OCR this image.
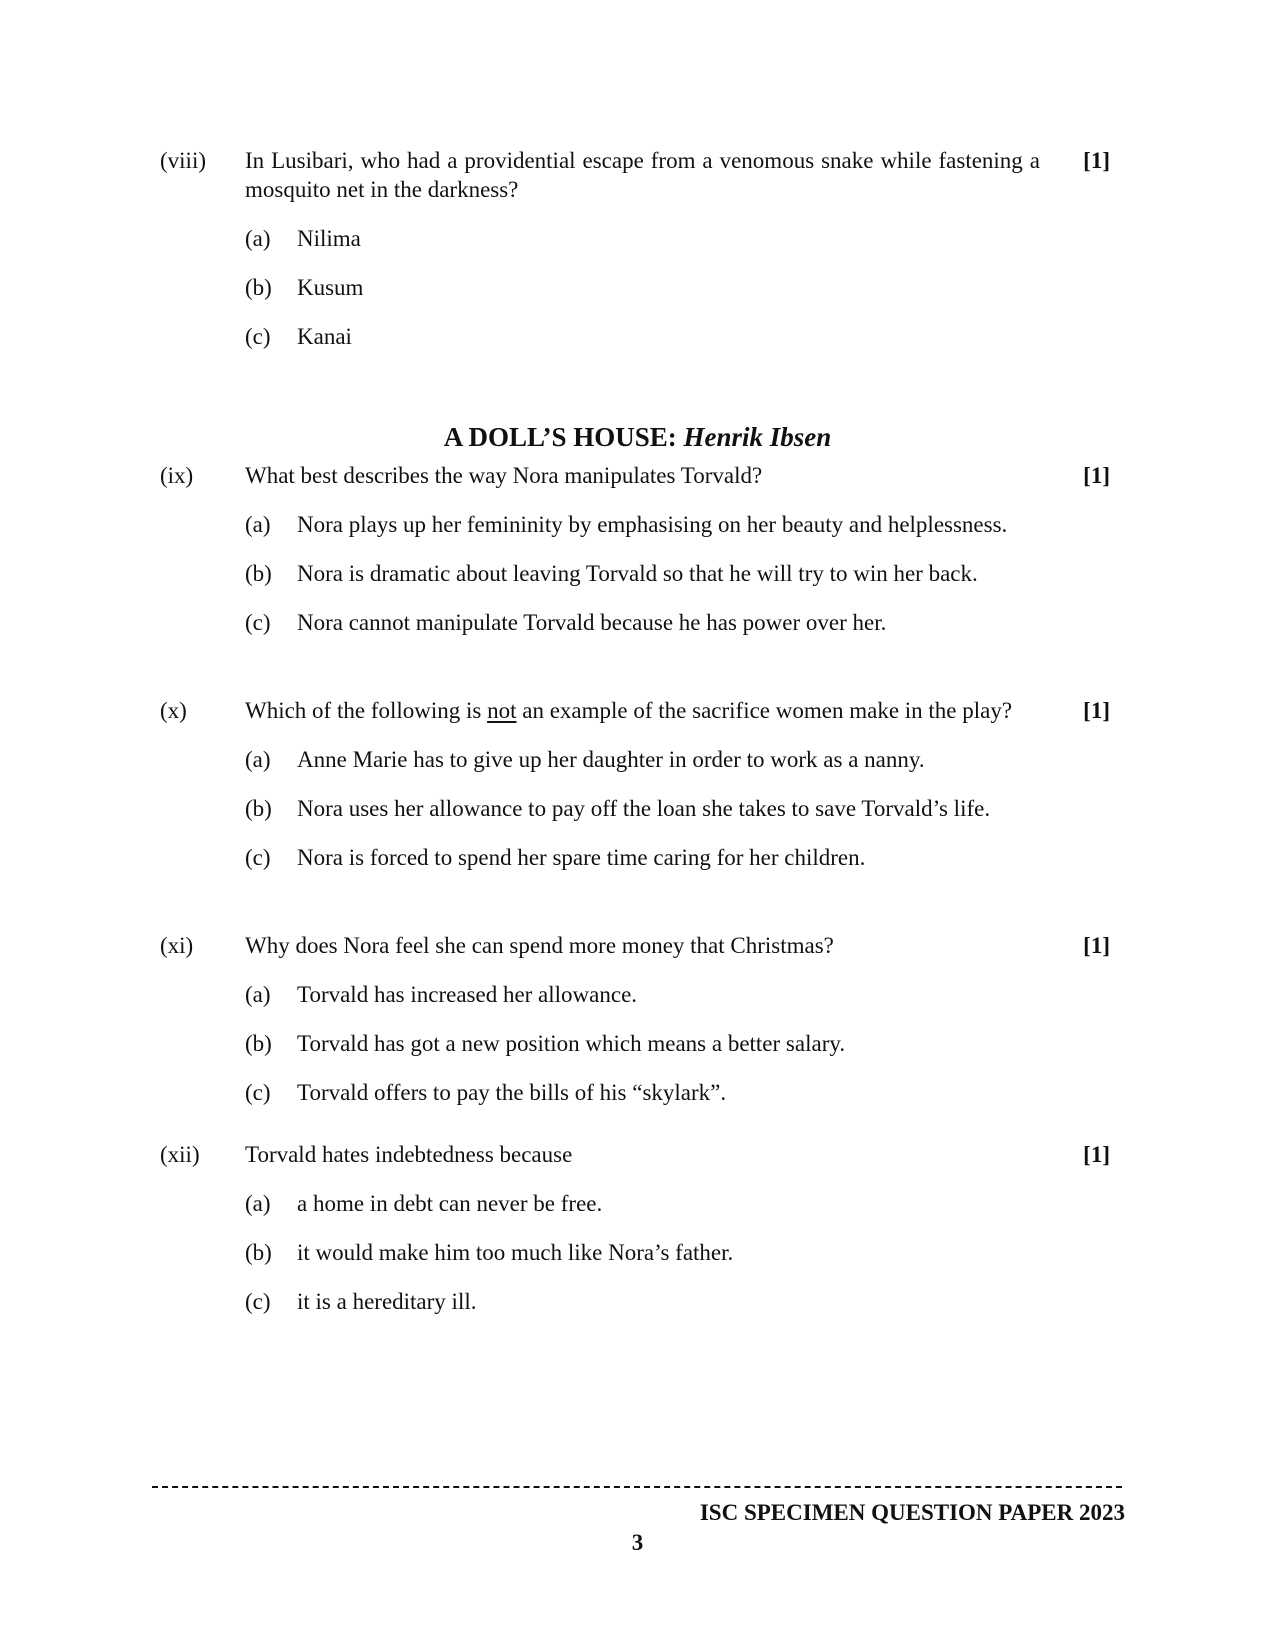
(viii) In Lusibari, who had a providential escape from a venomous snake while fastening a mosquito net in the darkness?
[1]
(a) Nilima
(b) Kusum
(c) Kanai
A DOLL’S HOUSE: Henrik Ibsen
(ix) What best describes the way Nora manipulates Torvald?	[1]
(a) Nora plays up her femininity by emphasising on her beauty and helplessness.
(b) Nora is dramatic about leaving Torvald so that he will try to win her back.
(c) Nora cannot manipulate Torvald because he has power over her.
(x)	Which of the following is not an example of the sacrifice women make in the play?	[1]
(a) Anne Marie has to give up her daughter in order to work as a nanny.
(b) Nora uses her allowance to pay off the loan she takes to save Torvald’s life.
(c) Nora is forced to spend her spare time caring for her children.
(xi) Why does Nora feel she can spend more money that Christmas?	[1]
(a) Torvald has increased her allowance.
(b) Torvald has got a new position which means a better salary.
(c) Torvald offers to pay the bills of his “skylark”.
(xii) Torvald hates indebtedness because	[1]
(a) a home in debt can never be free.
(b) it would make him too much like Nora’s father.
(c) it is a hereditary ill.
ISC SPECIMEN QUESTION PAPER 2023
3
